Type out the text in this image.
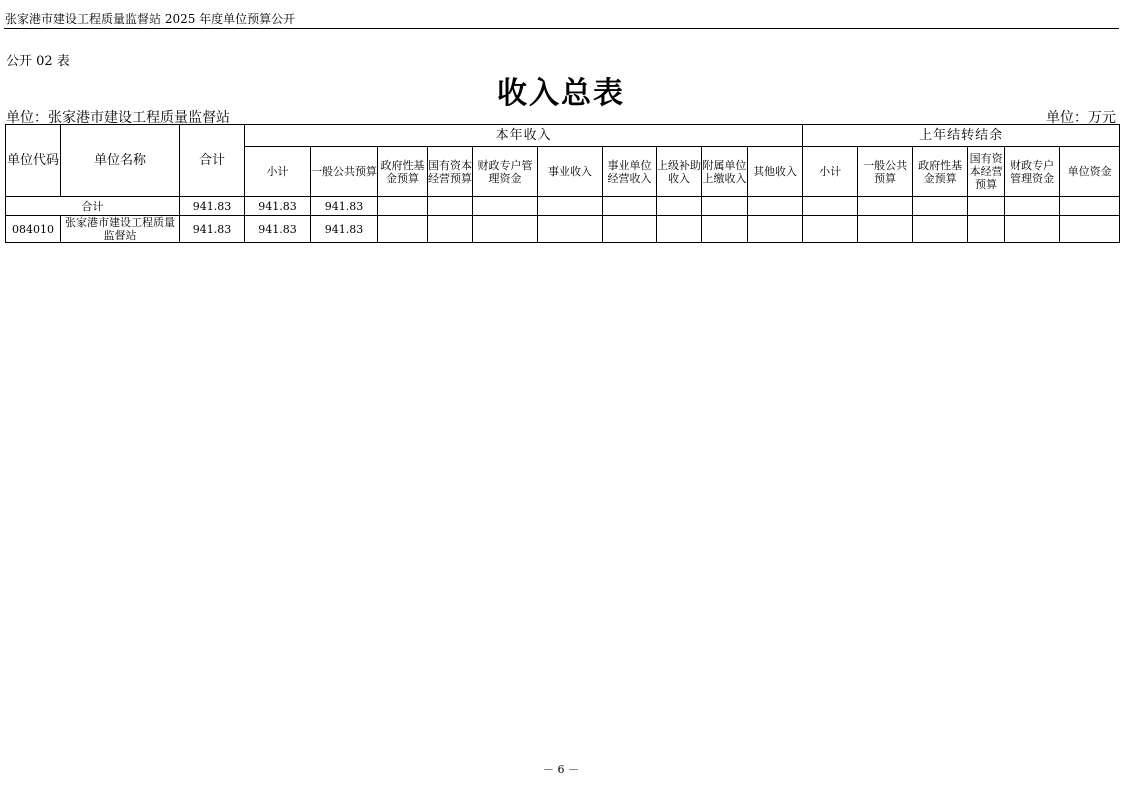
张家港市建设工程质量监督站 2025 年度单位预算公开
公开 02 表
收入总表
单位：张家港市建设工程质量监督站	单位：万元
单位代码	单位名称	合计	本年收入										上年结转结余					
			小计	一般公共预算	政府性基金预算	国有资本经营预算	财政专户管理资金	事业收入	事业单位经营收入	上级补助收入	附属单位上缴收入	其他收入	小计	一般公共预算	政府性基金预算	国有资本经营预算	财政专户管理资金	单位资金
合计		941.83	941.83	941.83														
084010	张家港市建设工程质量监督站	941.83	941.83	941.83														
－ 6 －
